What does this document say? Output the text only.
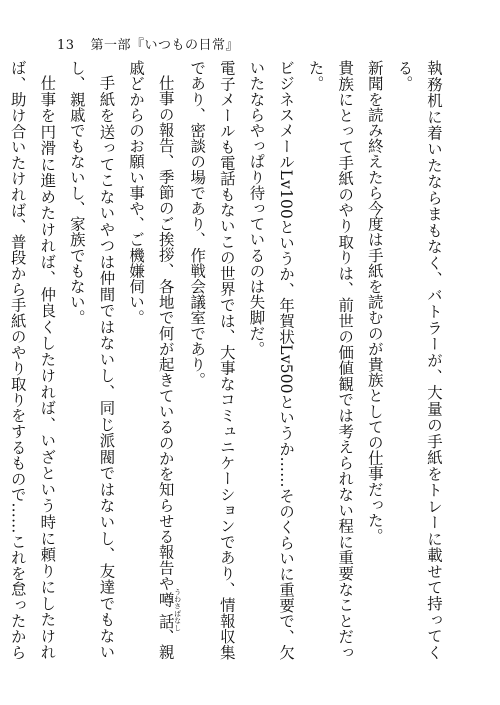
13 第一部『いつもの日常』

執務机に着いたならまもなく、バトラーが、大量の手紙をトレーに載せて持ってくる。

新聞を読み終えたら今度は手紙を読むのが貴族としての仕事だった。

貴族にとって手紙のやり取りは、前世の価値観では考えられない程に重要なことだった。

ビジネスメールLv100というか、年賀状Lv500というか……そのくらいに重要で、欠いたならやっぱり待っているのは失脚だ。

電子メールも電話もないこの世界では、大事なコミュニケーションであり、情報収集であり、密談の場であり、作戦会議室であり。

仕事の報告、季節のご挨拶、各地で何が起きているのかを知らせる報告や噂話 うわさばなし、親戚どからのお願い事や、ご機嫌伺い。

手紙を送ってこないやつは仲間ではないし、同じ派閥ではないし、友達でもないし、親戚でもないし、家族でもない。

仕事を円滑に進めたければ、仲良くしたければ、いざという時に頼りにしたければ、助け合いたければ、普段から手紙のやり取りをするもので……これを怠ったから
